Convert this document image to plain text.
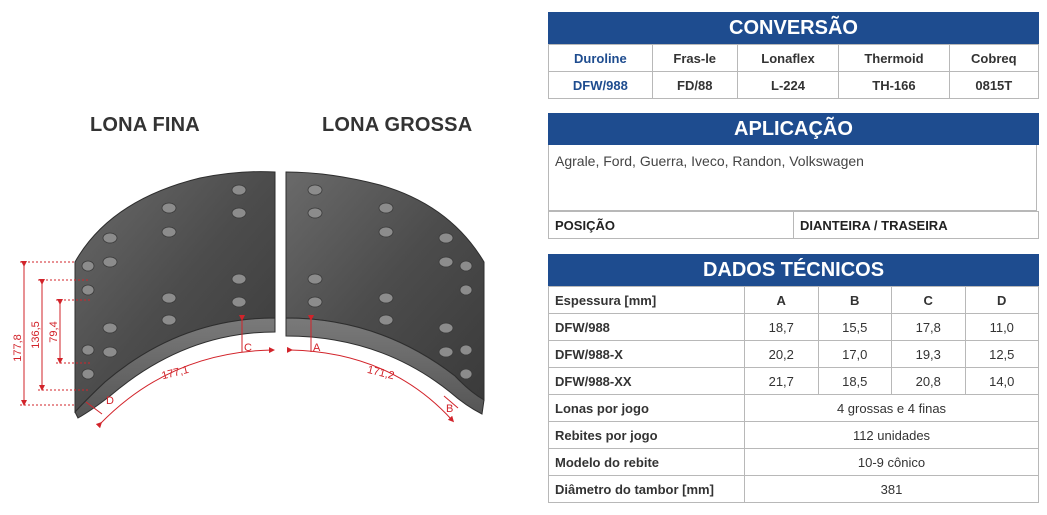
LONA FINA	LONA GROSSA
177,8 136,5 79,4
177,1	171,2
C	A
D
B
CONVERSÃO
Duroline	Fras-le	Lonaflex	Thermoid	Cobreq
DFW/988	FD/88	L-224	TH-166	0815T
APLICAÇÃO
Agrale, Ford, Guerra, Iveco, Randon, Volkswagen
POSIÇÃO	DIANTEIRA / TRASEIRA
DADOS TÉCNICOS
Espessura [mm]	A	B	C	D
DFW/988	18,7	15,5	17,8	11,0
DFW/988-X	20,2	17,0	19,3	12,5
DFW/988-XX	21,7	18,5	20,8	14,0
Lonas por jogo	4 grossas e 4 finas			
Rebites por jogo	112 unidades			
Modelo do rebite	10-9 cônico			
Diâmetro do tambor [mm]	381			
